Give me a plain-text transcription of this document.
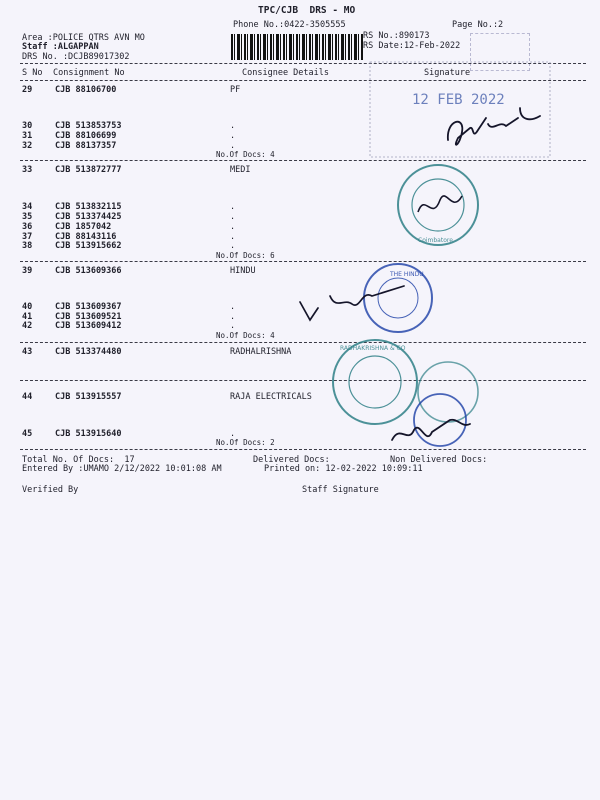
TPC/CJB  DRS - MO
Phone No.:0422-3505555	Page No.:2
Area :POLICE QTRS AVN MO
Staff :ALGAPPAN
DRS No. :DCJB89017302
RS No.:890173
RS Date:12-Feb-2022
S No Consignment No	Consignee Details	Signature
29	CJB 88106700	PF
30	CJB 513853753	.
31	CJB 88106699	.
32	CJB 88137357	.
No.Of Docs: 4
33	CJB 513872777	MEDI
34	CJB 513832115	.
35	CJB 513374425	.
36	CJB 1857042	.
37	CJB 88143116	.
38	CJB 513915662	.
No.Of Docs: 6
39	CJB 513609366	HINDU
40	CJB 513609367	.
41	CJB 513609521	.
42	CJB 513609412	.
No.Of Docs: 4
43	CJB 513374480	RADHALRISHNA
44	CJB 513915557	RAJA ELECTRICALS
45	CJB 513915640	.
No.Of Docs: 2
Total No. Of Docs:  17	Delivered Docs:	Non Delivered Docs:
Entered By :UMAMO 2/12/2022 10:01:08 AM	Printed on: 12-02-2022 10:09:11
Verified By	Staff Signature
12 FEB 2022
Coimbatore
THE HINDU
RADHAKRISHNA & CO
